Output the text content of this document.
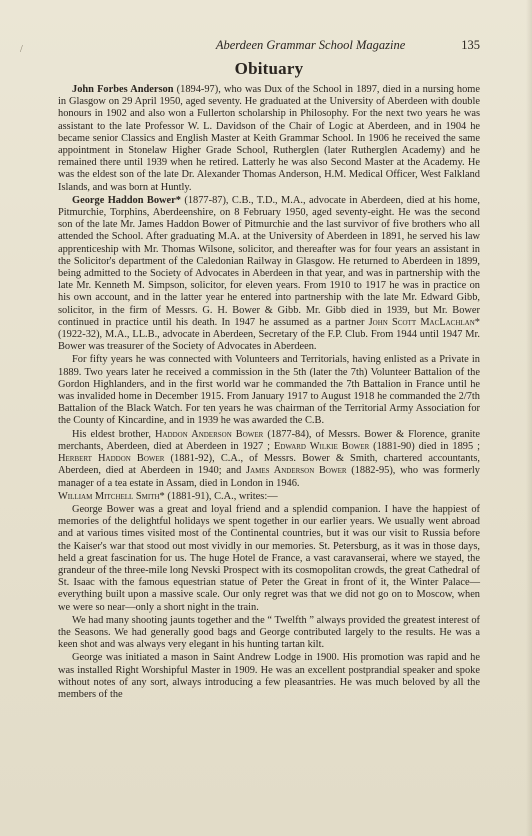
/	Aberdeen Grammar School Magazine	135
Obituary

John Forbes Anderson (1894-97), who was Dux of the School in 1897, died in a nursing home in Glasgow on 29 April 1950, aged seventy. He graduated at the University of Aberdeen with double honours in 1902 and also won a Fullerton scholarship in Philosophy. For the next two years he was assistant to the late Professor W. L. Davidson of the Chair of Logic at Aberdeen, and in 1904 he became senior Classics and English Master at Keith Grammar School. In 1906 he received the same appointment in Stonelaw Higher Grade School, Rutherglen (later Rutherglen Academy) and he remained there until 1939 when he retired. Latterly he was also Second Master at the Academy. He was the eldest son of the late Dr. Alexander Thomas Anderson, H.M. Medical Officer, West Falkland Islands, and was born at Huntly.

George Haddon Bower* (1877-87), C.B., T.D., M.A., advocate in Aberdeen, died at his home, Pitmurchie, Torphins, Aberdeenshire, on 8 February 1950, aged seventy-eight. He was the second son of the late Mr. James Haddon Bower of Pitmurchie and the last survivor of five brothers who all attended the School. After graduating M.A. at the University of Aberdeen in 1891, he served his law apprenticeship with Mr. Thomas Wilsone, solicitor, and thereafter was for four years an assistant in the Solicitor's department of the Caledonian Railway in Glasgow. He returned to Aberdeen in 1899, being admitted to the Society of Advocates in Aberdeen in that year, and was in partnership with the late Mr. Kenneth M. Simpson, solicitor, for eleven years. From 1910 to 1917 he was in practice on his own account, and in the latter year he entered into partnership with the late Mr. Edward Gibb, solicitor, in the firm of Messrs. G. H. Bower & Gibb. Mr. Gibb died in 1939, but Mr. Bower continued in practice until his death. In 1947 he assumed as a partner John Scott MacLachlan* (1922-32), M.A., LL.B., advocate in Aberdeen, Secretary of the F.P. Club. From 1944 until 1947 Mr. Bower was treasurer of the Society of Advocates in Aberdeen.

For fifty years he was connected with Volunteers and Territorials, having enlisted as a Private in 1889. Two years later he received a commission in the 5th (later the 7th) Volunteer Battalion of the Gordon Highlanders, and in the first world war he commanded the 7th Battalion in France until he was invalided home in December 1915. From January 1917 to August 1918 he commanded the 2/7th Battalion of the Black Watch. For ten years he was chairman of the Territorial Army Association for the County of Kincardine, and in 1939 he was awarded the C.B.

His eldest brother, Haddon Anderson Bower (1877-84), of Messrs. Bower & Florence, granite merchants, Aberdeen, died at Aberdeen in 1927 ; Edward Wilkie Bower (1881-90) died in 1895 ; Herbert Haddon Bower (1881-92), C.A., of Messrs. Bower & Smith, chartered accountants, Aberdeen, died at Aberdeen in 1940; and James Anderson Bower (1882-95), who was formerly manager of a tea estate in Assam, died in London in 1946.

William Mitchell Smith* (1881-91), C.A., writes:—

George Bower was a great and loyal friend and a splendid companion. I have the happiest of memories of the delightful holidays we spent together in our earlier years. We usually went abroad and at various times visited most of the Continental countries, but it was our visit to Russia before the Kaiser's war that stood out most vividly in our memories. St. Petersburg, as it was in those days, held a great fascination for us. The huge Hotel de France, a vast caravanserai, where we stayed, the grandeur of the three-mile long Nevski Prospect with its cosmopolitan crowds, the great Cathedral of St. Isaac with the famous equestrian statue of Peter the Great in front of it, the Winter Palace—everything built upon a massive scale. Our only regret was that we did not go on to Moscow, when we were so near—only a short night in the train.

We had many shooting jaunts together and the “ Twelfth ” always provided the greatest interest of the Seasons. We had generally good bags and George contributed largely to the results. He was a keen shot and was always very elegant in his hunting tartan kilt.

George was initiated a mason in Saint Andrew Lodge in 1900. His promotion was rapid and he was installed Right Worshipful Master in 1909. He was an excellent postprandial speaker and spoke without notes of any sort, always introducing a few pleasantries. He was much beloved by all the members of the
